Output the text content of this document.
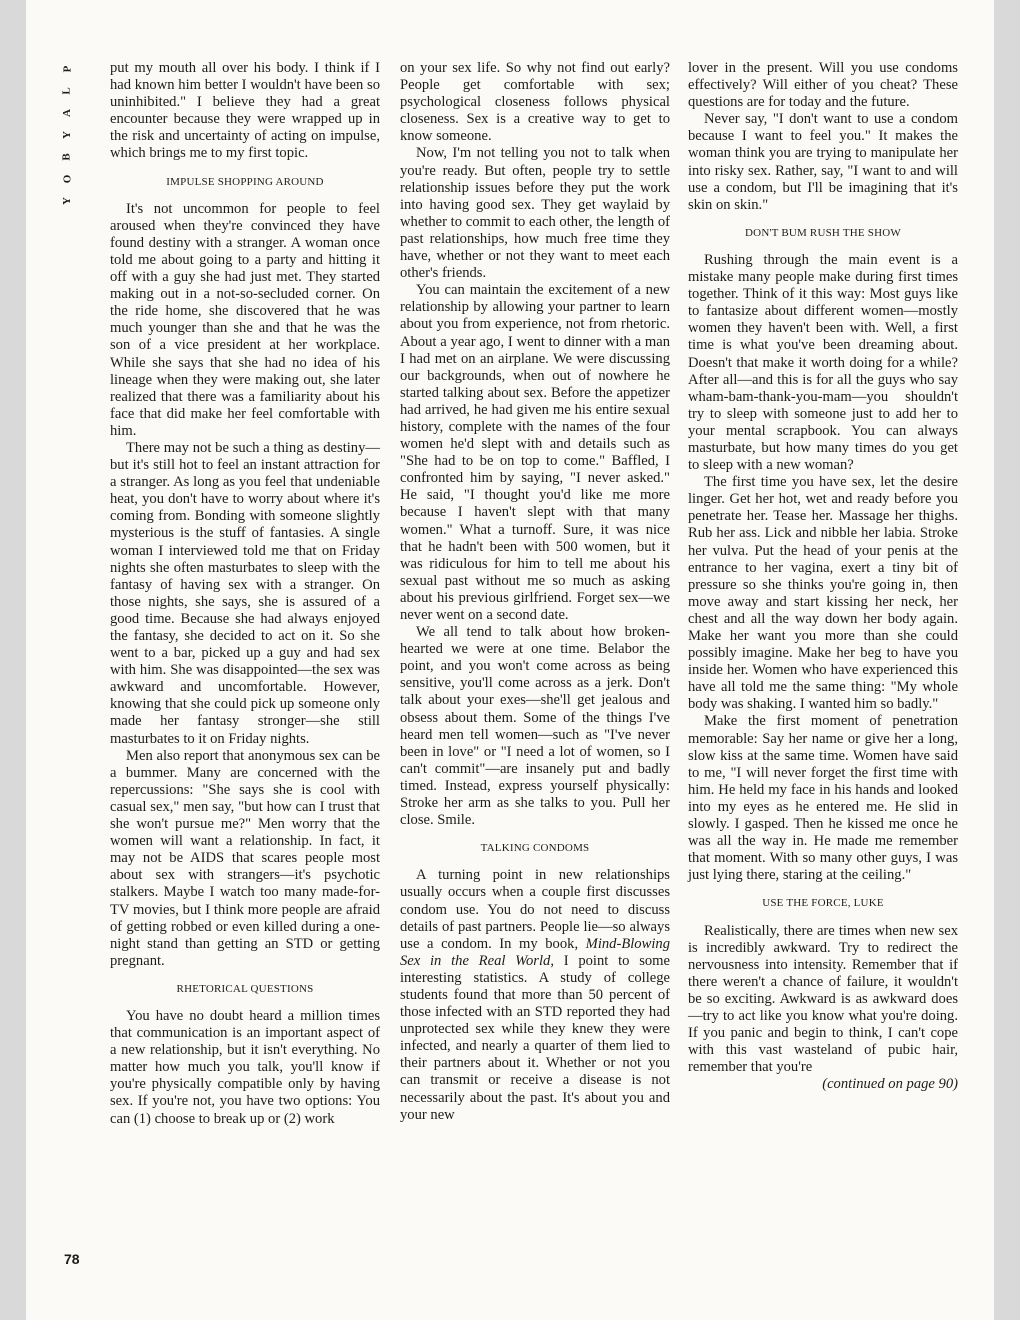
P
L
A
Y
B
O
Y

put my mouth all over his body. I think if I had known him better I wouldn't have been so uninhibited." I believe they had a great encounter because they were wrapped up in the risk and uncertainty of acting on impulse, which brings me to my first topic.

IMPULSE SHOPPING AROUND

It's not uncommon for people to feel aroused when they're convinced they have found destiny with a stranger. A woman once told me about going to a party and hitting it off with a guy she had just met. They started making out in a not-so-secluded corner. On the ride home, she discovered that he was much younger than she and that he was the son of a vice president at her workplace. While she says that she had no idea of his lineage when they were making out, she later realized that there was a familiarity about his face that did make her feel comfortable with him.

There may not be such a thing as destiny—but it's still hot to feel an instant attraction for a stranger. As long as you feel that undeniable heat, you don't have to worry about where it's coming from. Bonding with someone slightly mysterious is the stuff of fantasies. A single woman I interviewed told me that on Friday nights she often masturbates to sleep with the fantasy of having sex with a stranger. On those nights, she says, she is assured of a good time. Because she had always enjoyed the fantasy, she decided to act on it. So she went to a bar, picked up a guy and had sex with him. She was disappointed—the sex was awkward and uncomfortable. However, knowing that she could pick up someone only made her fantasy stronger—she still masturbates to it on Friday nights.

Men also report that anonymous sex can be a bummer. Many are concerned with the repercussions: "She says she is cool with casual sex," men say, "but how can I trust that she won't pursue me?" Men worry that the women will want a relationship. In fact, it may not be AIDS that scares people most about sex with strangers—it's psychotic stalkers. Maybe I watch too many made-for-TV movies, but I think more people are afraid of getting robbed or even killed during a one-night stand than getting an STD or getting pregnant.

RHETORICAL QUESTIONS

You have no doubt heard a million times that communication is an important aspect of a new relationship, but it isn't everything. No matter how much you talk, you'll know if you're physically compatible only by having sex. If you're not, you have two options: You can (1) choose to break up or (2) work

on your sex life. So why not find out early? People get comfortable with sex; psychological closeness follows physical closeness. Sex is a creative way to get to know someone.

Now, I'm not telling you not to talk when you're ready. But often, people try to settle relationship issues before they put the work into having good sex. They get waylaid by whether to commit to each other, the length of past relationships, how much free time they have, whether or not they want to meet each other's friends.

You can maintain the excitement of a new relationship by allowing your partner to learn about you from experience, not from rhetoric. About a year ago, I went to dinner with a man I had met on an airplane. We were discussing our backgrounds, when out of nowhere he started talking about sex. Before the appetizer had arrived, he had given me his entire sexual history, complete with the names of the four women he'd slept with and details such as "She had to be on top to come." Baffled, I confronted him by saying, "I never asked." He said, "I thought you'd like me more because I haven't slept with that many women." What a turnoff. Sure, it was nice that he hadn't been with 500 women, but it was ridiculous for him to tell me about his sexual past without me so much as asking about his previous girlfriend. Forget sex—we never went on a second date.

We all tend to talk about how broken-hearted we were at one time. Belabor the point, and you won't come across as being sensitive, you'll come across as a jerk. Don't talk about your exes—she'll get jealous and obsess about them. Some of the things I've heard men tell women—such as "I've never been in love" or "I need a lot of women, so I can't commit"—are insanely put and badly timed. Instead, express yourself physically: Stroke her arm as she talks to you. Pull her close. Smile.

TALKING CONDOMS

A turning point in new relationships usually occurs when a couple first discusses condom use. You do not need to discuss details of past partners. People lie—so always use a condom. In my book, Mind-Blowing Sex in the Real World, I point to some interesting statistics. A study of college students found that more than 50 percent of those infected with an STD reported they had unprotected sex while they knew they were infected, and nearly a quarter of them lied to their partners about it. Whether or not you can transmit or receive a disease is not necessarily about the past. It's about you and your new

lover in the present. Will you use condoms effectively? Will either of you cheat? These questions are for today and the future.

Never say, "I don't want to use a condom because I want to feel you." It makes the woman think you are trying to manipulate her into risky sex. Rather, say, "I want to and will use a condom, but I'll be imagining that it's skin on skin."

DON'T BUM RUSH THE SHOW

Rushing through the main event is a mistake many people make during first times together. Think of it this way: Most guys like to fantasize about different women—mostly women they haven't been with. Well, a first time is what you've been dreaming about. Doesn't that make it worth doing for a while? After all—and this is for all the guys who say wham-bam-thank-you-mam—you shouldn't try to sleep with someone just to add her to your mental scrapbook. You can always masturbate, but how many times do you get to sleep with a new woman?

The first time you have sex, let the desire linger. Get her hot, wet and ready before you penetrate her. Tease her. Massage her thighs. Rub her ass. Lick and nibble her labia. Stroke her vulva. Put the head of your penis at the entrance to her vagina, exert a tiny bit of pressure so she thinks you're going in, then move away and start kissing her neck, her chest and all the way down her body again. Make her want you more than she could possibly imagine. Make her beg to have you inside her. Women who have experienced this have all told me the same thing: "My whole body was shaking. I wanted him so badly."

Make the first moment of penetration memorable: Say her name or give her a long, slow kiss at the same time. Women have said to me, "I will never forget the first time with him. He held my face in his hands and looked into my eyes as he entered me. He slid in slowly. I gasped. Then he kissed me once he was all the way in. He made me remember that moment. With so many other guys, I was just lying there, staring at the ceiling."

USE THE FORCE, LUKE

Realistically, there are times when new sex is incredibly awkward. Try to redirect the nervousness into intensity. Remember that if there weren't a chance of failure, it wouldn't be so exciting. Awkward is as awkward does—try to act like you know what you're doing. If you panic and begin to think, I can't cope with this vast wasteland of pubic hair, remember that you're

(continued on page 90)
78
